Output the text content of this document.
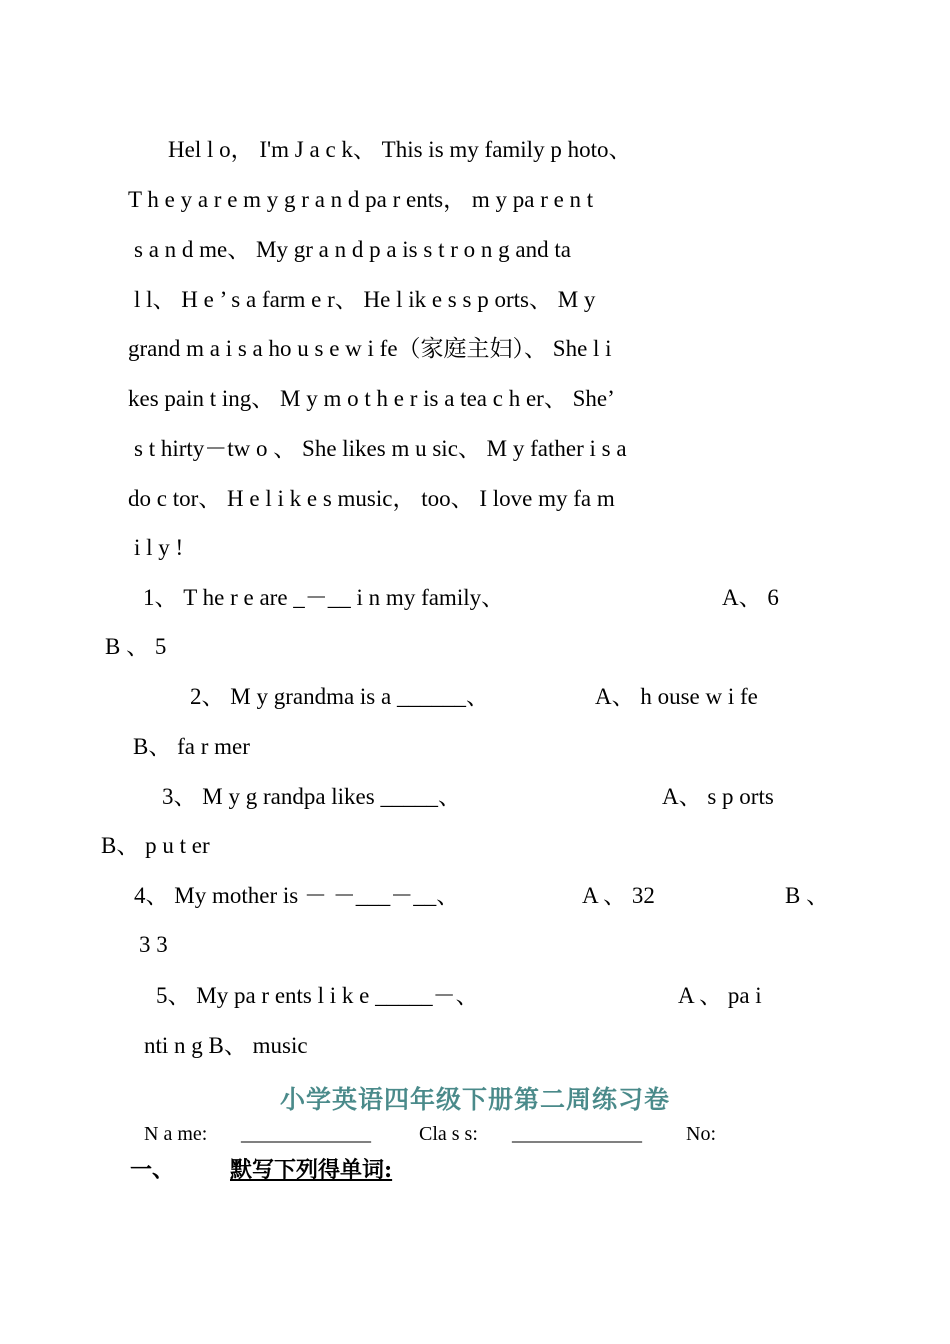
Hel l o， I'm J a c k、 This is my family p hoto、

T h e y a r e m y g r a n d pa r ents， m y pa r e n t

s a n d me、 My gr a n d p a is s t r o n g and ta

l l、 H e ’ s a farm e r、 He l ik e s s p orts、 M y

grand m a i s a ho u s e w i fe（家庭主妇）、 She l i

kes pain t ing、 M y m o t h e r is a tea c h er、 She’

s t hirty－tw o 、 She likes m u sic、 M y father i s a

do c tor、 H e l i k e s music， too、 I love my fa m

i l y !

1、 T he r e are _－__ i n my family、

	A、 6

B 、 5

2、 M y grandma is a ______、

	A、 h ouse w i fe

B、 fa r mer

3、 M y g randpa likes _____、

	A、 s p orts

B、 p u t er

4、 My mother is － －___－__、

	A 、 32

	B 、

3 3

5、 My pa r ents l i k e _____－、

	A 、 pa i

nti n g B、 music

小学英语四年级下册第二周练习卷

N a me:

_____________

Cla s s:

_____________

No:

一、

	默写下列得单词:
